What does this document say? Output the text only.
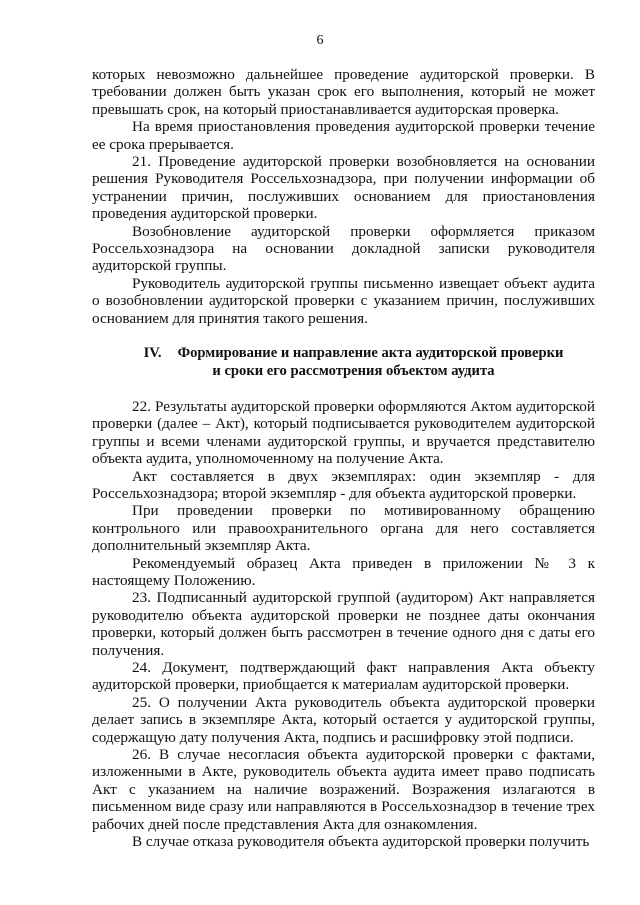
6

которых невозможно дальнейшее проведение аудиторской проверки. В требовании должен быть указан срок его выполнения, который не может превышать срок, на который приостанавливается аудиторская проверка.

На время приостановления проведения аудиторской проверки течение ее срока прерывается.

21. Проведение аудиторской проверки возобновляется на основании решения Руководителя Россельхознадзора, при получении информации об устранении причин, послуживших основанием для приостановления проведения аудиторской проверки.

Возобновление аудиторской проверки оформляется приказом Россельхознадзора на основании докладной записки руководителя аудиторской группы.

Руководитель аудиторской группы письменно извещает объект аудита о возобновлении аудиторской проверки с указанием причин, послуживших основанием для принятия такого решения.

IV. Формирование и направление акта аудиторской проверки
и сроки его рассмотрения объектом аудита

22. Результаты аудиторской проверки оформляются Актом аудиторской проверки (далее – Акт), который подписывается руководителем аудиторской группы и всеми членами аудиторской группы, и вручается представителю объекта аудита, уполномоченному на получение Акта.

Акт составляется в двух экземплярах: один экземпляр - для Россельхознадзора; второй экземпляр - для объекта аудиторской проверки.

При проведении проверки по мотивированному обращению контрольного или правоохранительного органа для него составляется дополнительный экземпляр Акта.

Рекомендуемый образец Акта приведен в приложении № 3 к настоящему Положению.

23. Подписанный аудиторской группой (аудитором) Акт направляется руководителю объекта аудиторской проверки не позднее даты окончания проверки, который должен быть рассмотрен в течение одного дня с даты его получения.

24. Документ, подтверждающий факт направления Акта объекту аудиторской проверки, приобщается к материалам аудиторской проверки.

25. О получении Акта руководитель объекта аудиторской проверки делает запись в экземпляре Акта, который остается у аудиторской группы, содержащую дату получения Акта, подпись и расшифровку этой подписи.

26. В случае несогласия объекта аудиторской проверки с фактами, изложенными в Акте, руководитель объекта аудита имеет право подписать Акт с указанием на наличие возражений. Возражения излагаются в письменном виде сразу или направляются в Россельхознадзор в течение трех рабочих дней после представления Акта для ознакомления.

В случае отказа руководителя объекта аудиторской проверки получить
